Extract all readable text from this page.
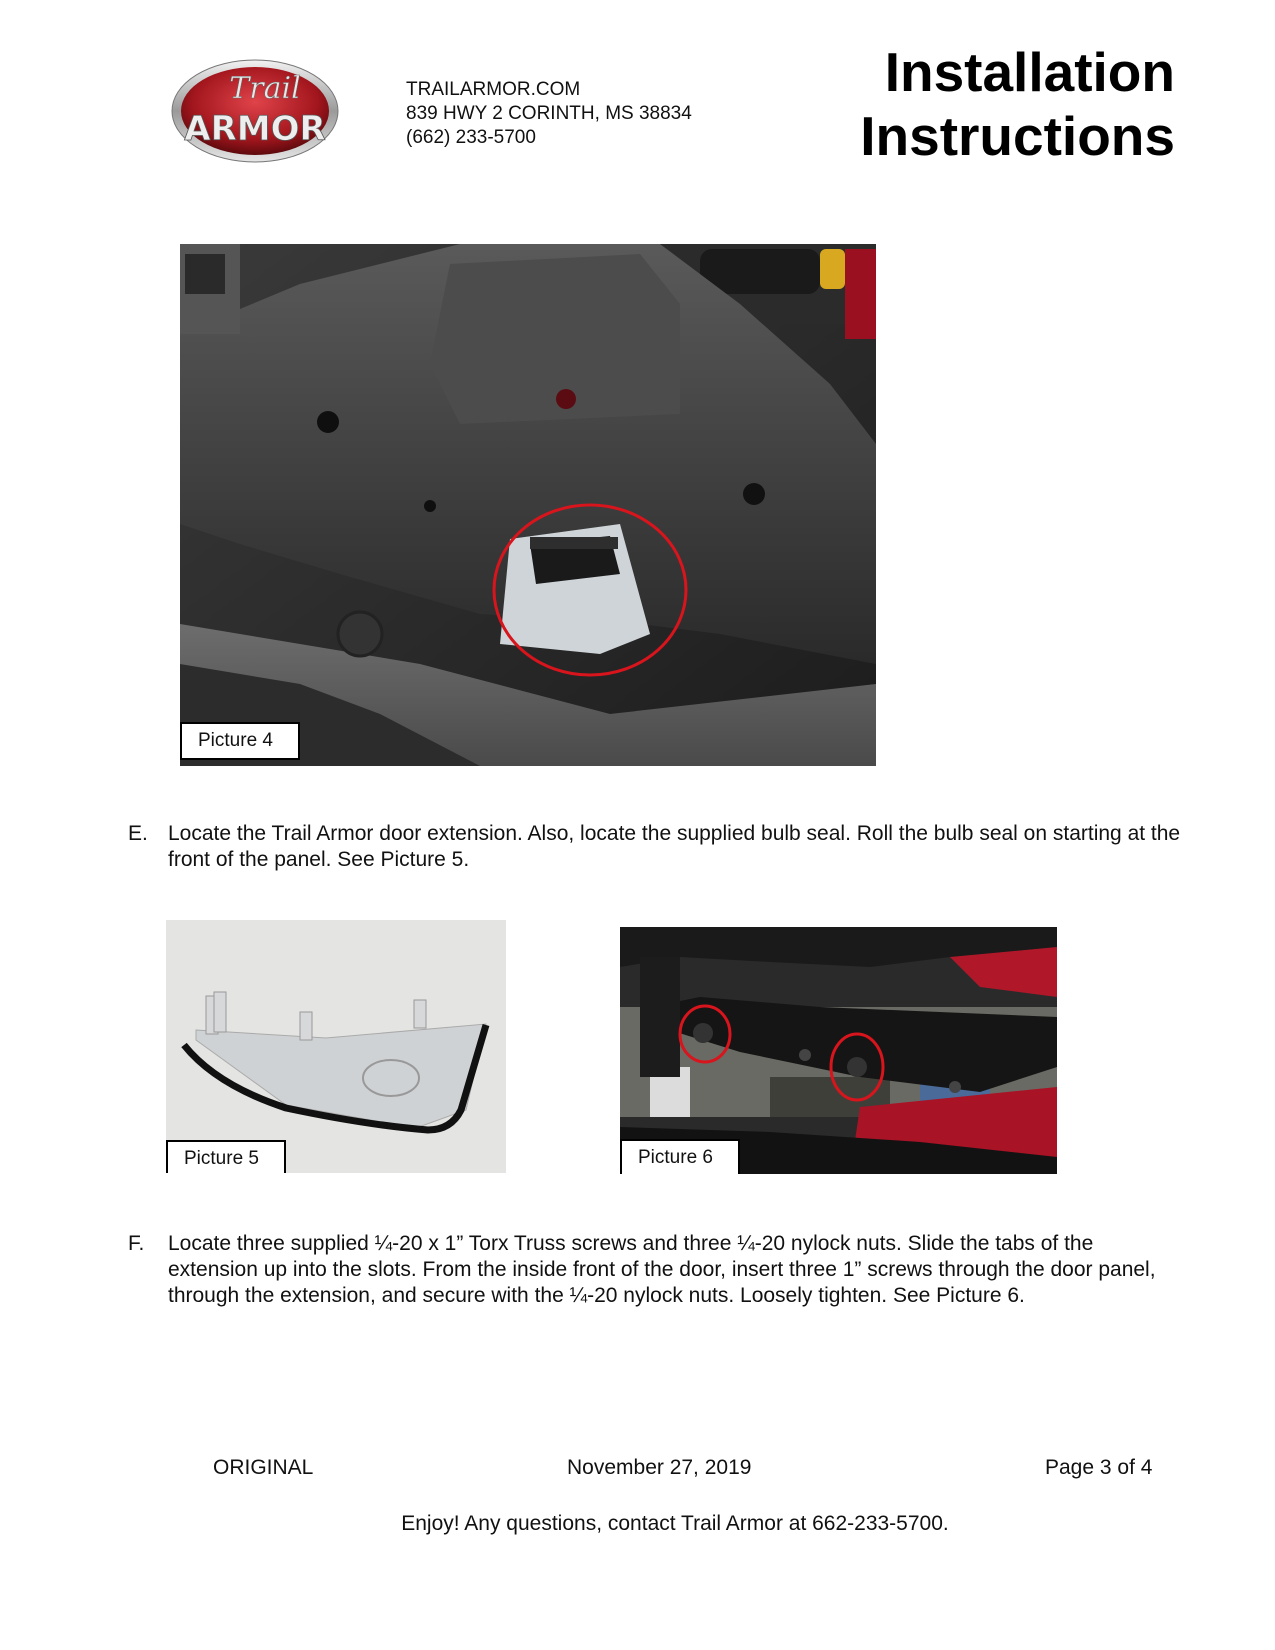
Trail
ARMOR
TRAILARMOR.COM
839 HWY 2 CORINTH, MS 38834
(662) 233-5700
Installation
Instructions
Picture 4
E. Locate the Trail Armor door extension. Also, locate the supplied bulb seal. Roll the bulb seal on starting at the front of the panel. See Picture 5.
Picture 5	Picture 6
F. Locate three supplied ¼-20 x 1” Torx Truss screws and three ¼-20 nylock nuts. Slide the tabs of the extension up into the slots. From the inside front of the door, insert three 1” screws through the door panel, through the extension, and secure with the ¼-20 nylock nuts. Loosely tighten. See Picture 6.
ORIGINAL	November 27, 2019	Page 3 of 4
Enjoy! Any questions, contact Trail Armor at 662-233-5700.
